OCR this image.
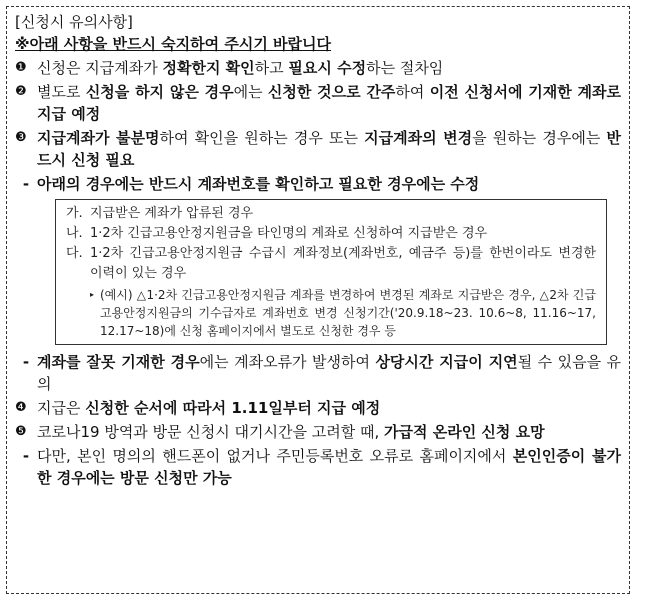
[신청시 유의사항]
※아래 사항을 반드시 숙지하여 주시기 바랍니다
❶ 신청은 지급계좌가 정확한지 확인하고 필요시 수정하는 절차임
❷ 별도로 신청을 하지 않은 경우에는 신청한 것으로 간주하여 이전 신청서에 기재한 계좌로 지급 예정
❸ 지급계좌가 불분명하여 확인을 원하는 경우 또는 지급계좌의 변경을 원하는 경우에는 반드시 신청 필요
- 아래의 경우에는 반드시 계좌번호를 확인하고 필요한 경우에는 수정
가. 지급받은 계좌가 압류된 경우
나. 1·2차 긴급고용안정지원금을 타인명의 계좌로 신청하여 지급받은 경우
다. 1·2차 긴급고용안정지원금 수급시 계좌정보(계좌번호, 예금주 등)를 한번이라도 변경한 이력이 있는 경우
▸ (예시) △1·2차 긴급고용안정지원금 계좌를 변경하여 변경된 계좌로 지급받은 경우, △2차 긴급고용안정지원금의 기수급자로 계좌번호 변경 신청기간('20.9.18~23. 10.6~8, 11.16~17, 12.17~18)에 신청 홈페이지에서 별도로 신청한 경우 등
- 계좌를 잘못 기재한 경우에는 계좌오류가 발생하여 상당시간 지급이 지연될 수 있음을 유의
❹ 지급은 신청한 순서에 따라서 1.11일부터 지급 예정
❺ 코로나19 방역과 방문 신청시 대기시간을 고려할 때, 가급적 온라인 신청 요망
- 다만, 본인 명의의 핸드폰이 없거나 주민등록번호 오류로 홈페이지에서 본인인증이 불가한 경우에는 방문 신청만 가능
